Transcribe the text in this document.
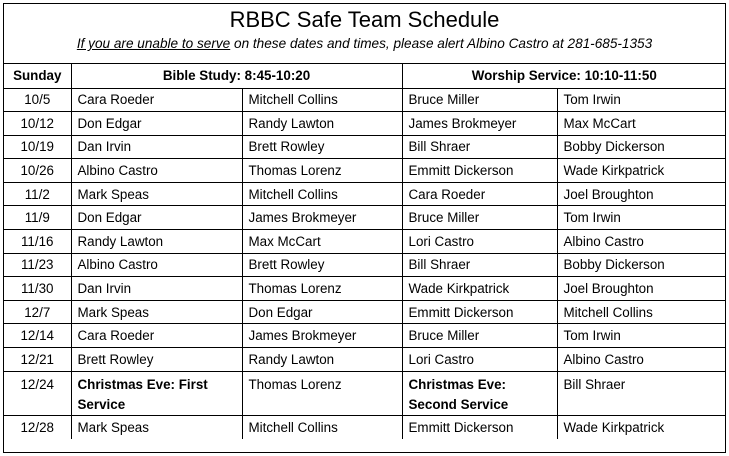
RBBC Safe Team Schedule

If you are unable to serve on these dates and times, please alert Albino Castro at 281-685-1353

Sunday	Bible Study: 8:45-10:20		Worship Service: 10:10-11:50	
10/5	Cara Roeder	Mitchell Collins	Bruce Miller	Tom Irwin
10/12	Don Edgar	Randy Lawton	James Brokmeyer	Max McCart
10/19	Dan Irvin	Brett Rowley	Bill Shraer	Bobby Dickerson
10/26	Albino Castro	Thomas Lorenz	Emmitt Dickerson	Wade Kirkpatrick
11/2	Mark Speas	Mitchell Collins	Cara Roeder	Joel Broughton
11/9	Don Edgar	James Brokmeyer	Bruce Miller	Tom Irwin
11/16	Randy Lawton	Max McCart	Lori Castro	Albino Castro
11/23	Albino Castro	Brett Rowley	Bill Shraer	Bobby Dickerson
11/30	Dan Irvin	Thomas Lorenz	Wade Kirkpatrick	Joel Broughton
12/7	Mark Speas	Don Edgar	Emmitt Dickerson	Mitchell Collins
12/14	Cara Roeder	James Brokmeyer	Bruce Miller	Tom Irwin
12/21	Brett Rowley	Randy Lawton	Lori Castro	Albino Castro
12/24	Christmas Eve: First Service	Thomas Lorenz	Christmas Eve: Second Service	Bill Shraer
12/28	Mark Speas	Mitchell Collins	Emmitt Dickerson	Wade Kirkpatrick
